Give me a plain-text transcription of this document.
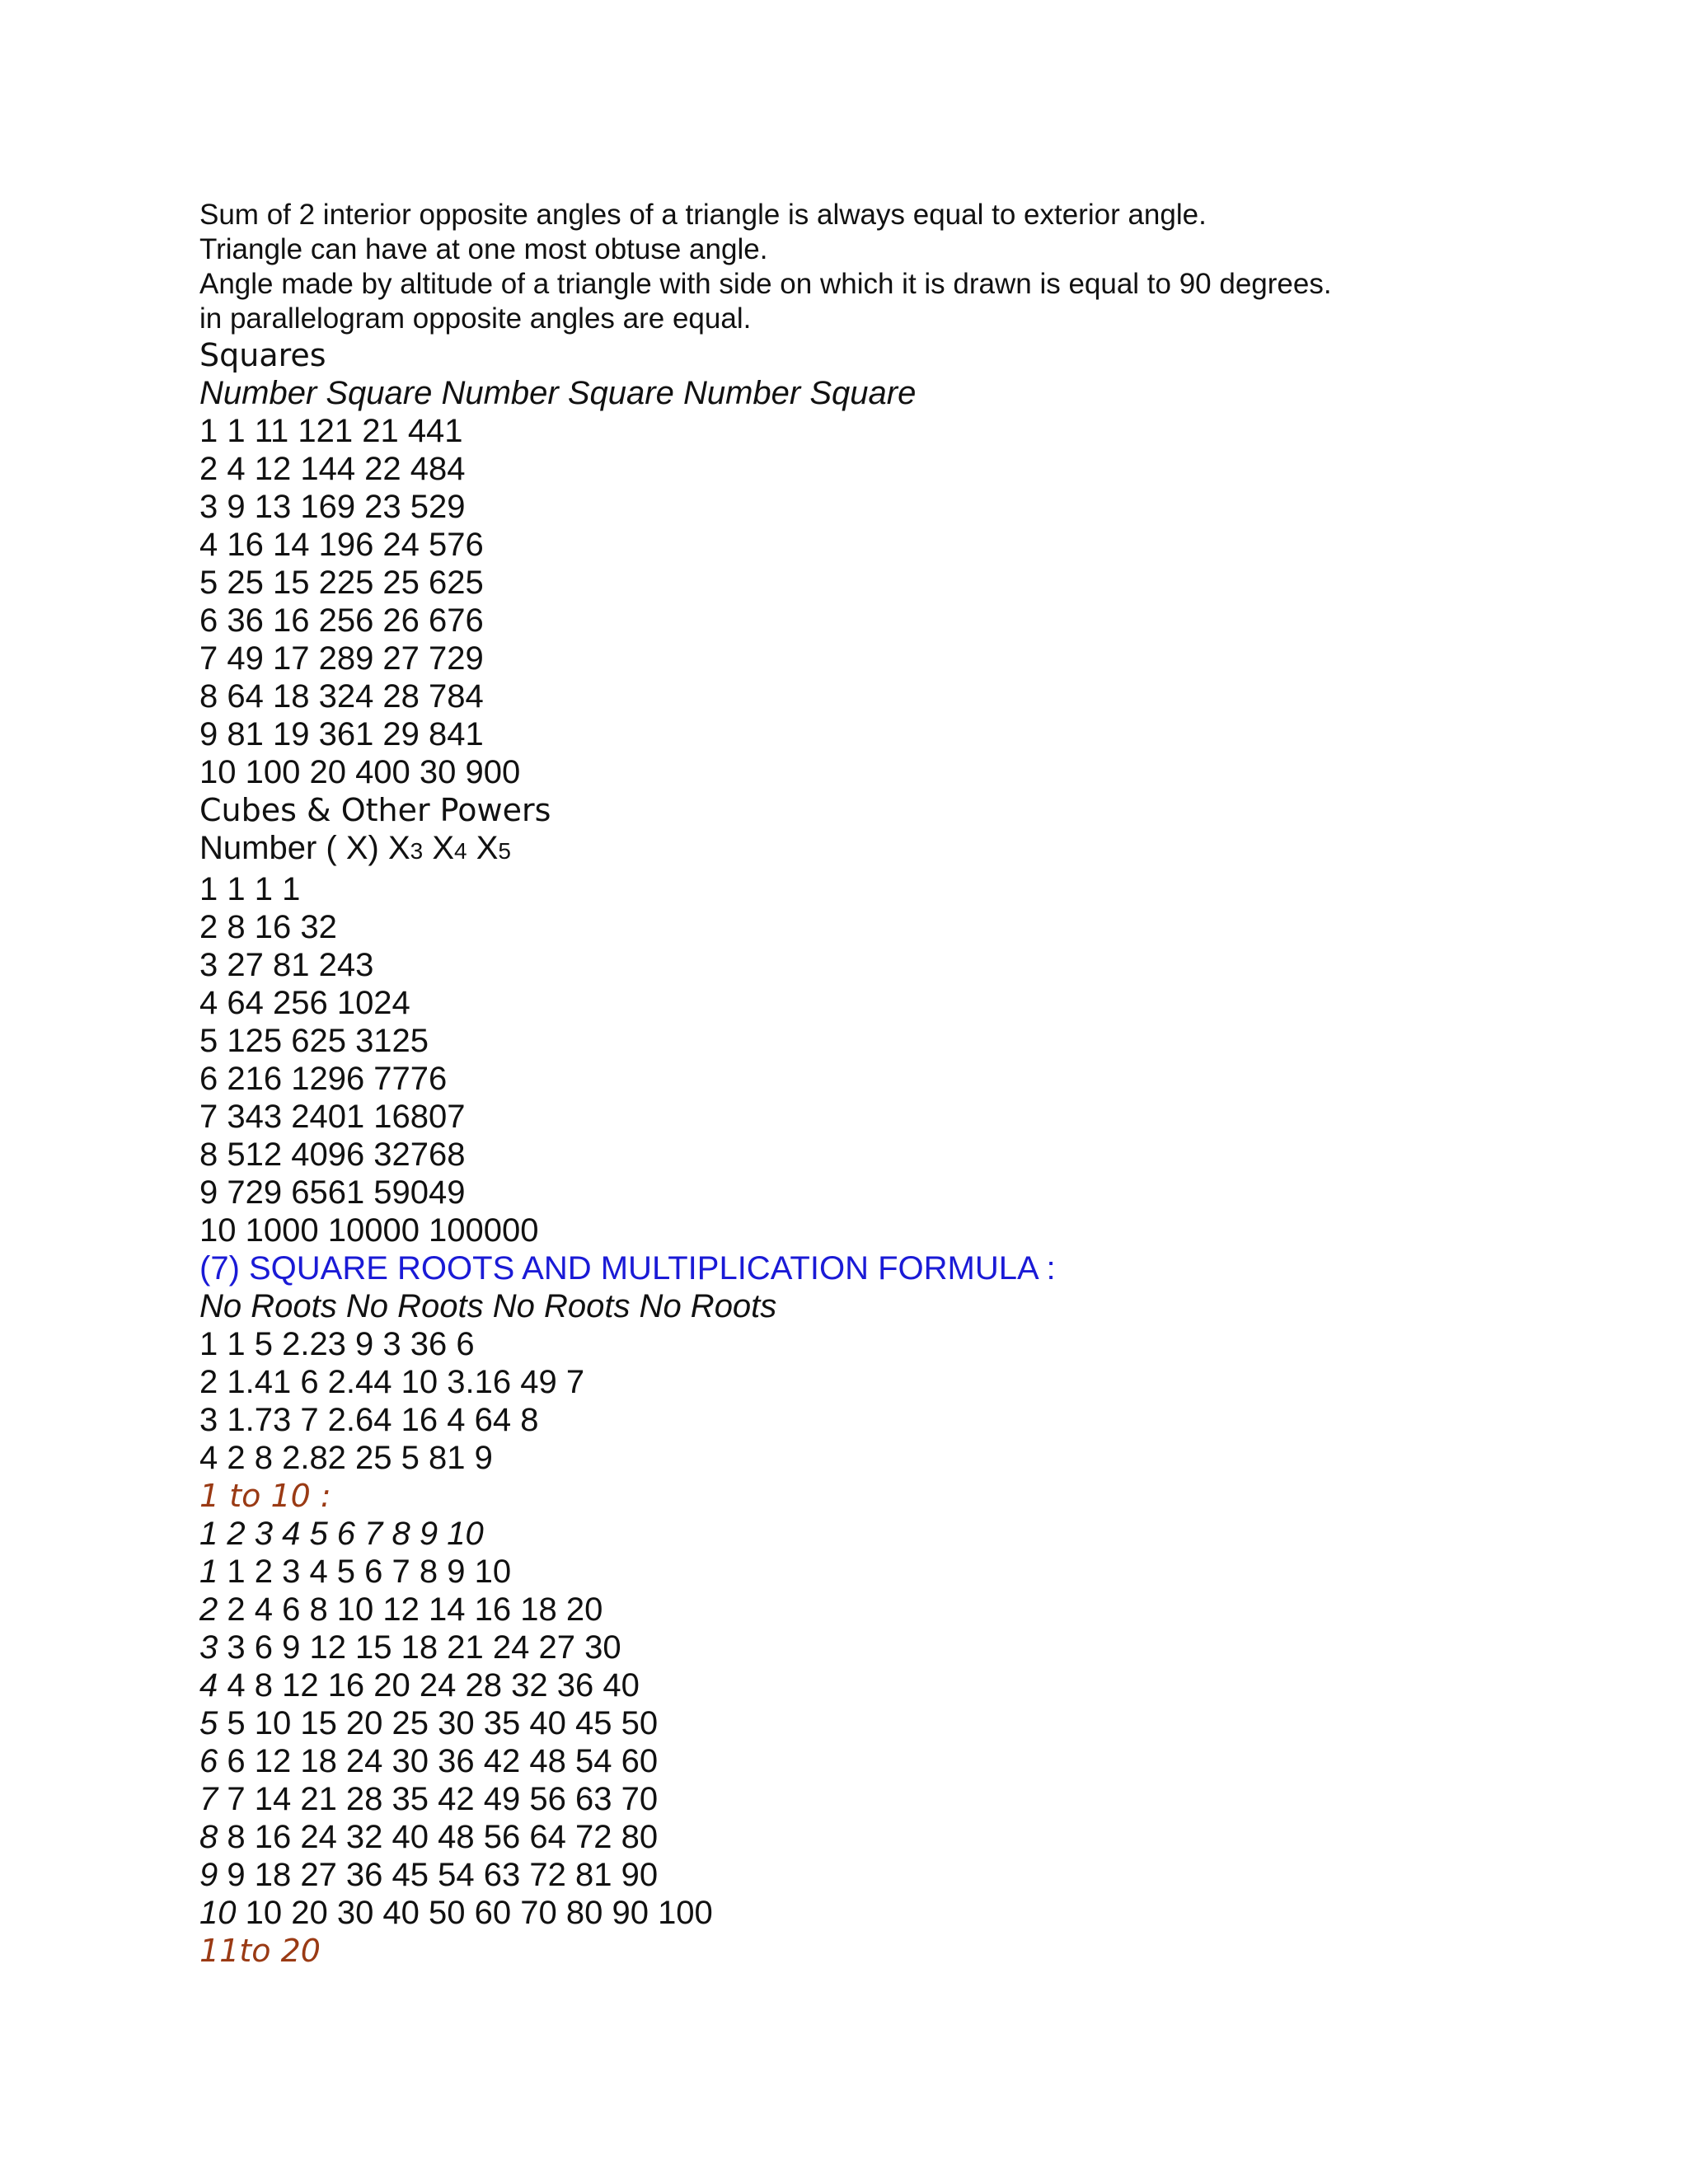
Sum of 2 interior opposite angles of a triangle is always equal to exterior angle.
Triangle can have at one most obtuse angle.
Angle made by altitude of a triangle with side on which it is drawn is equal to 90 degrees.
in parallelogram opposite angles are equal.
Squares
Number Square Number Square Number Square
1 1 11 121 21 441
2 4 12 144 22 484
3 9 13 169 23 529
4 16 14 196 24 576
5 25 15 225 25 625
6 36 16 256 26 676
7 49 17 289 27 729
8 64 18 324 28 784
9 81 19 361 29 841
10 100 20 400 30 900
Cubes & Other Powers
Number ( X) X3 X4 X5
1 1 1 1
2 8 16 32
3 27 81 243
4 64 256 1024
5 125 625 3125
6 216 1296 7776
7 343 2401 16807
8 512 4096 32768
9 729 6561 59049
10 1000 10000 100000
(7) SQUARE ROOTS AND MULTIPLICATION FORMULA :
No Roots No Roots No Roots No Roots
1 1 5 2.23 9 3 36 6
2 1.41 6 2.44 10 3.16 49 7
3 1.73 7 2.64 16 4 64 8
4 2 8 2.82 25 5 81 9
1 to 10 :
1 2 3 4 5 6 7 8 9 10
1 1 2 3 4 5 6 7 8 9 10
2 2 4 6 8 10 12 14 16 18 20
3 3 6 9 12 15 18 21 24 27 30
4 4 8 12 16 20 24 28 32 36 40
5 5 10 15 20 25 30 35 40 45 50
6 6 12 18 24 30 36 42 48 54 60
7 7 14 21 28 35 42 49 56 63 70
8 8 16 24 32 40 48 56 64 72 80
9 9 18 27 36 45 54 63 72 81 90
10 10 20 30 40 50 60 70 80 90 100
11to 20
